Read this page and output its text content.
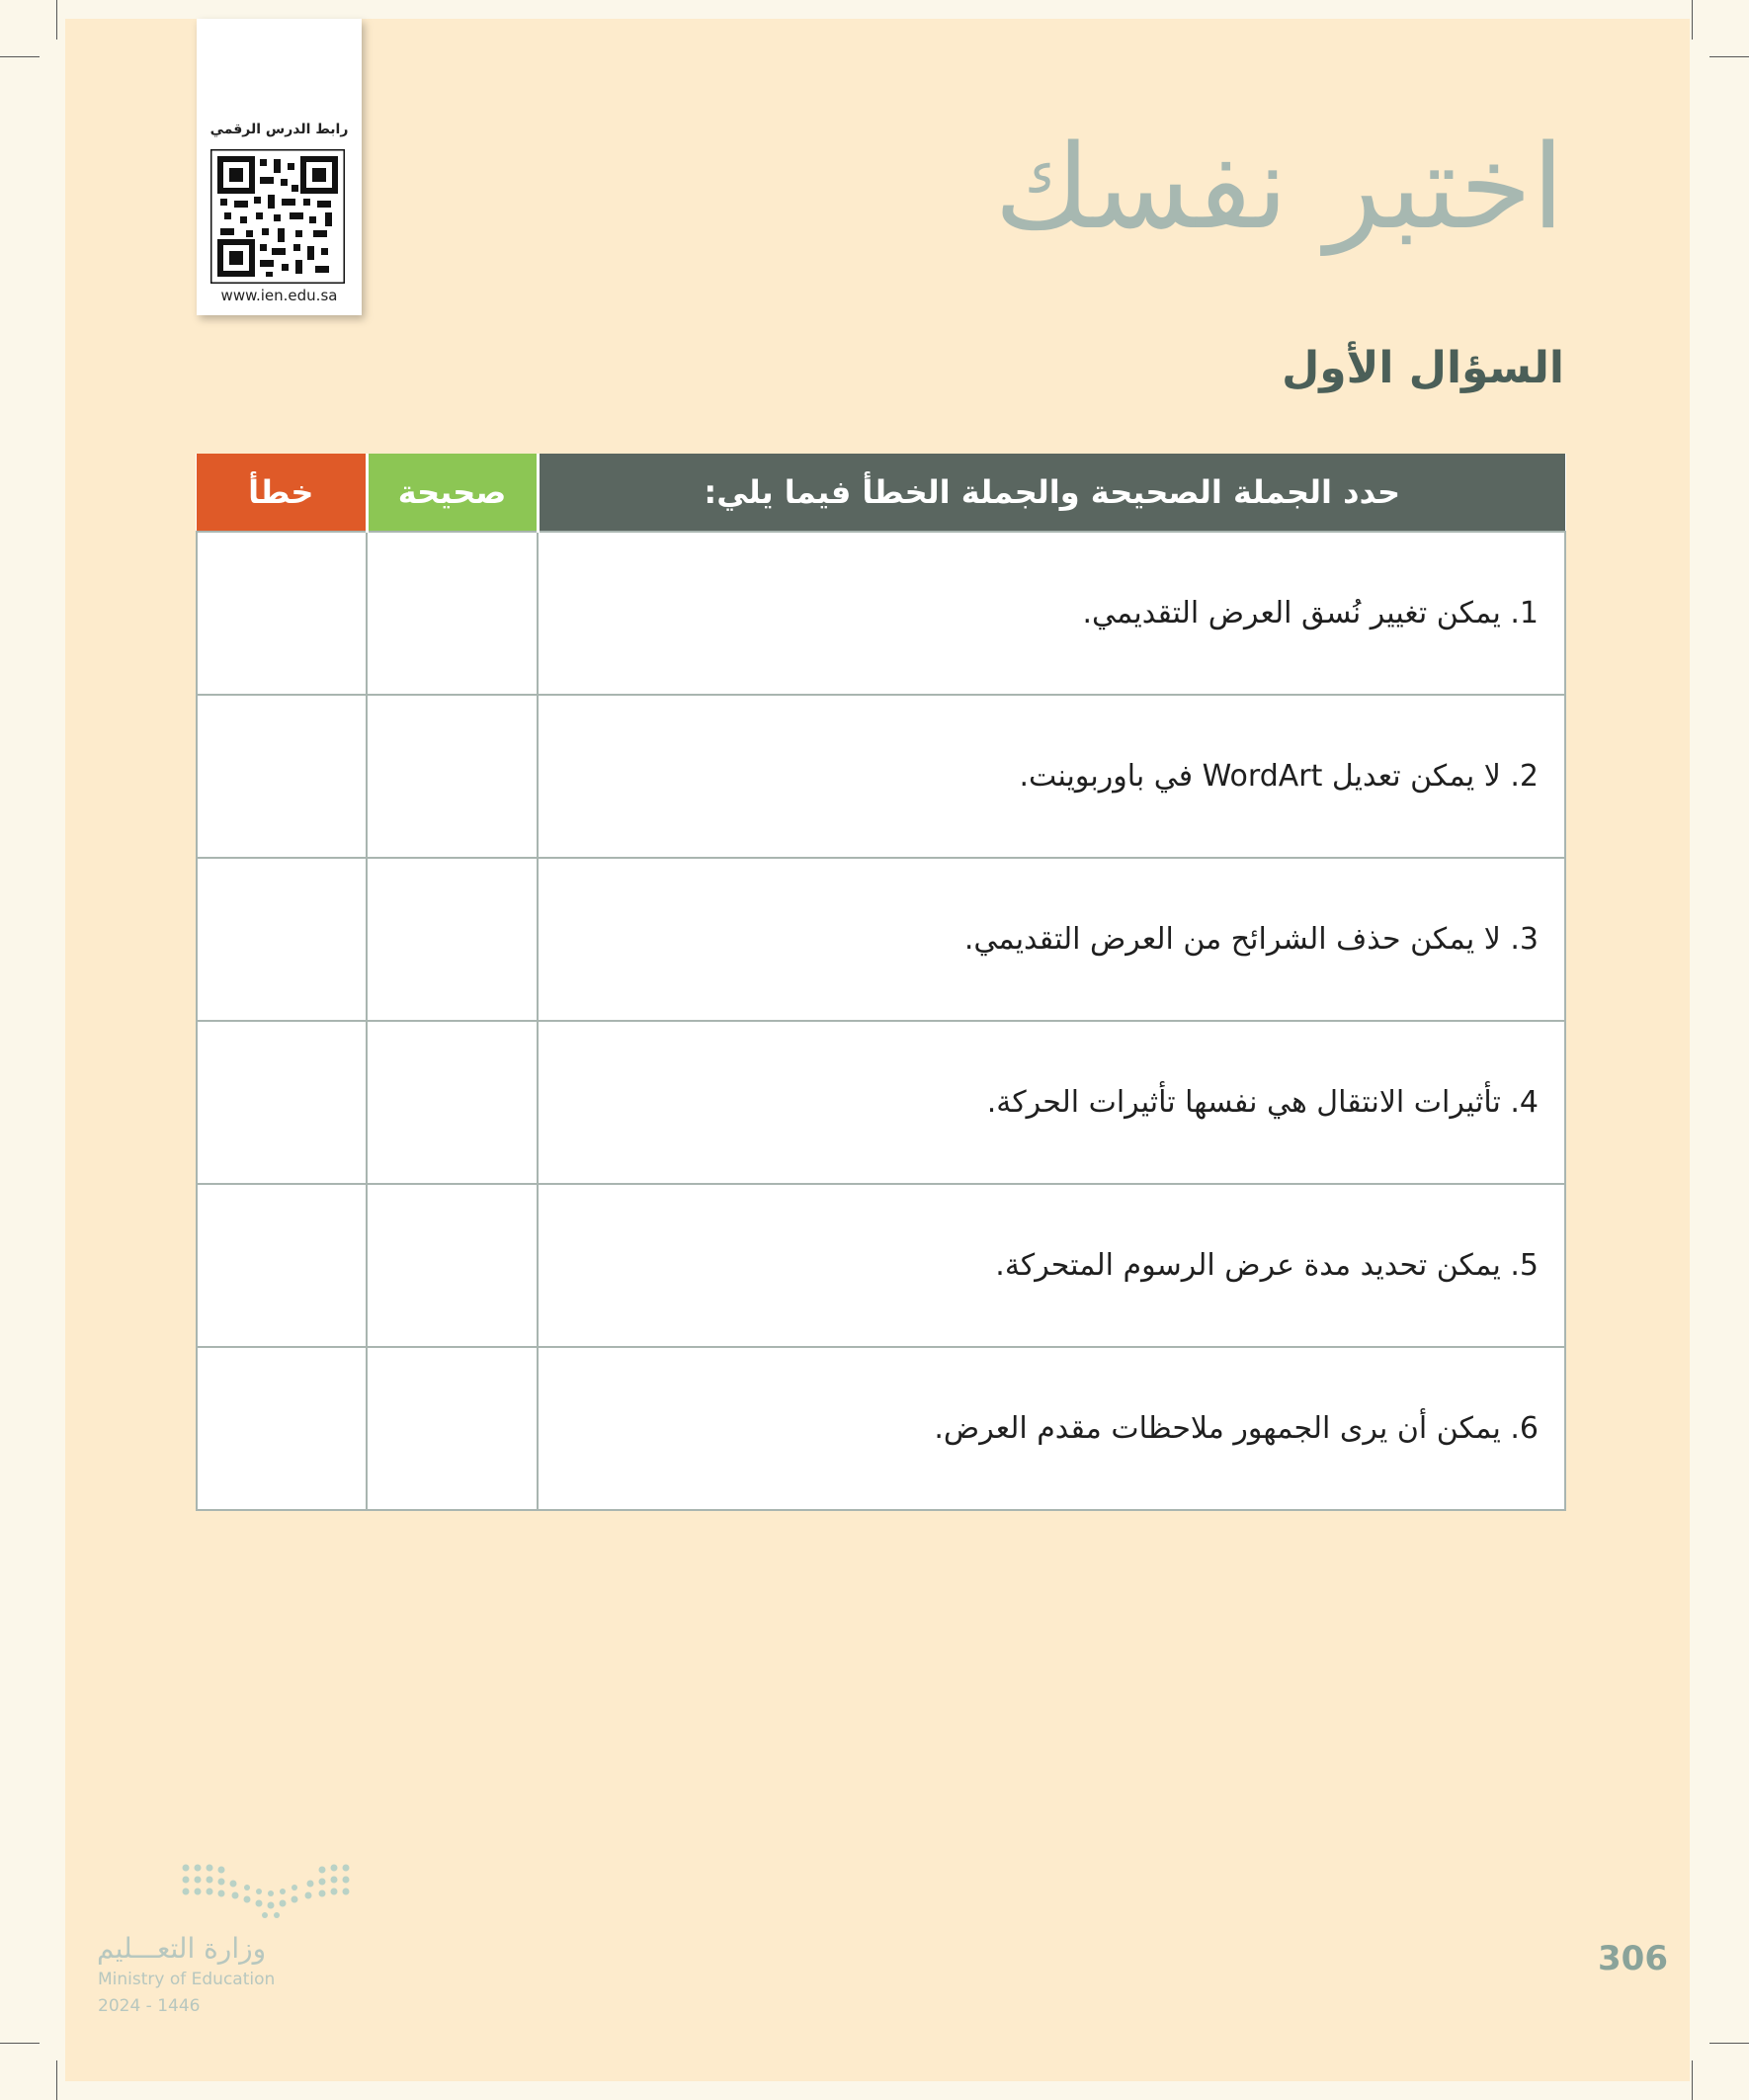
رابط الدرس الرقمي
www.ien.edu.sa
اختبر نفسك
السؤال الأول
خطأ	صحيحة	حدد الجملة الصحيحة والجملة الخطأ فيما يلي:
		1. يمكن تغيير نُسق العرض التقديمي.
		2. لا يمكن تعديل WordArt في باوربوينت.
		3. لا يمكن حذف الشرائح من العرض التقديمي.
		4. تأثيرات الانتقال هي نفسها تأثيرات الحركة.
		5. يمكن تحديد مدة عرض الرسوم المتحركة.
		6. يمكن أن يرى الجمهور ملاحظات مقدم العرض.
وزارة التعـــليم
Ministry of Education
2024 - 1446
306
